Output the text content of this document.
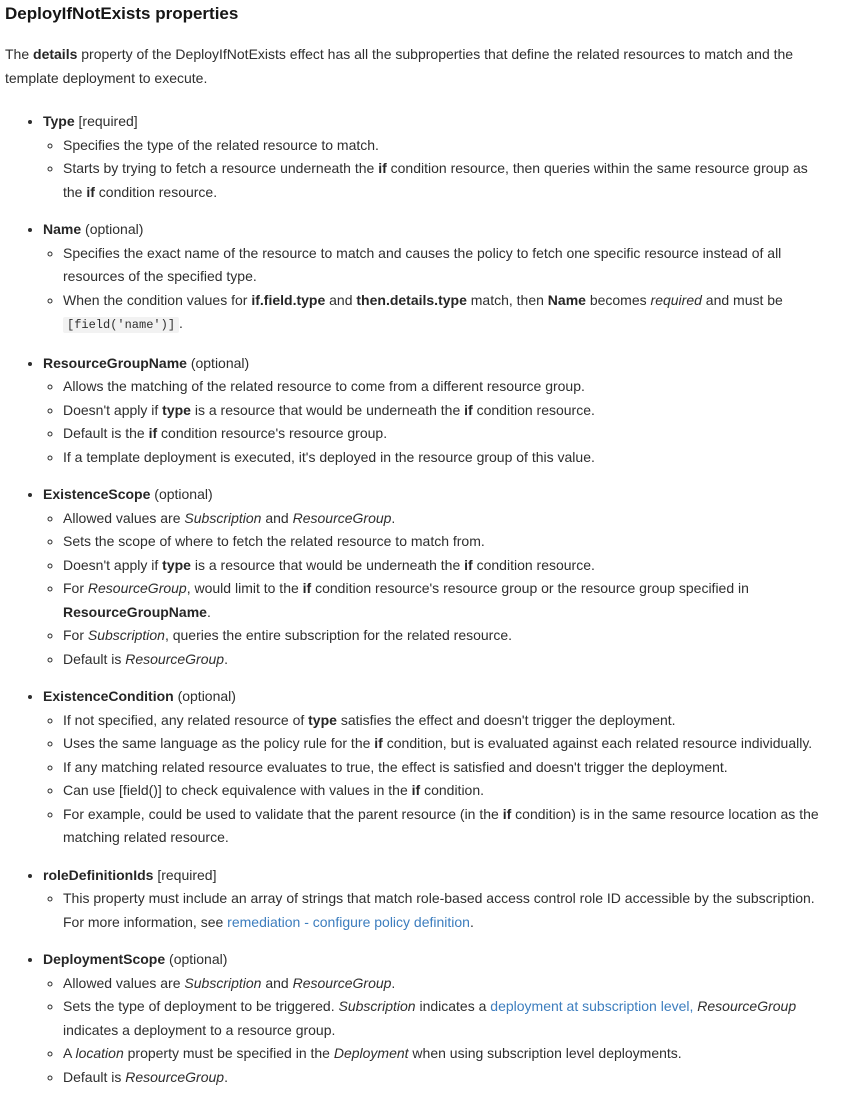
DeployIfNotExists properties

The details property of the DeployIfNotExists effect has all the subproperties that define the related resources to match and the template deployment to execute.

• Type [required]
◦ Specifies the type of the related resource to match.
◦ Starts by trying to fetch a resource underneath the if condition resource, then queries within the same resource group as the if condition resource.
• Name (optional)
◦ Specifies the exact name of the resource to match and causes the policy to fetch one specific resource instead of all resources of the specified type.
◦ When the condition values for if.field.type and then.details.type match, then Name becomes required and must be [field('name')] .
• ResourceGroupName (optional)
◦ Allows the matching of the related resource to come from a different resource group.
◦ Doesn't apply if type is a resource that would be underneath the if condition resource.
◦ Default is the if condition resource's resource group.
◦ If a template deployment is executed, it's deployed in the resource group of this value.
• ExistenceScope (optional)
◦ Allowed values are Subscription and ResourceGroup.
◦ Sets the scope of where to fetch the related resource to match from.
◦ Doesn't apply if type is a resource that would be underneath the if condition resource.
◦ For ResourceGroup, would limit to the if condition resource's resource group or the resource group specified in ResourceGroupName.
◦ For Subscription, queries the entire subscription for the related resource.
◦ Default is ResourceGroup.
• ExistenceCondition (optional)
◦ If not specified, any related resource of type satisfies the effect and doesn't trigger the deployment.
◦ Uses the same language as the policy rule for the if condition, but is evaluated against each related resource individually.
◦ If any matching related resource evaluates to true, the effect is satisfied and doesn't trigger the deployment.
◦ Can use [field()] to check equivalence with values in the if condition.
◦ For example, could be used to validate that the parent resource (in the if condition) is in the same resource location as the matching related resource.
• roleDefinitionIds [required]
◦ This property must include an array of strings that match role-based access control role ID accessible by the subscription. For more information, see remediation - configure policy definition.
• DeploymentScope (optional)
◦ Allowed values are Subscription and ResourceGroup.
◦ Sets the type of deployment to be triggered. Subscription indicates a deployment at subscription level, ResourceGroup indicates a deployment to a resource group.
◦ A location property must be specified in the Deployment when using subscription level deployments.
◦ Default is ResourceGroup.
